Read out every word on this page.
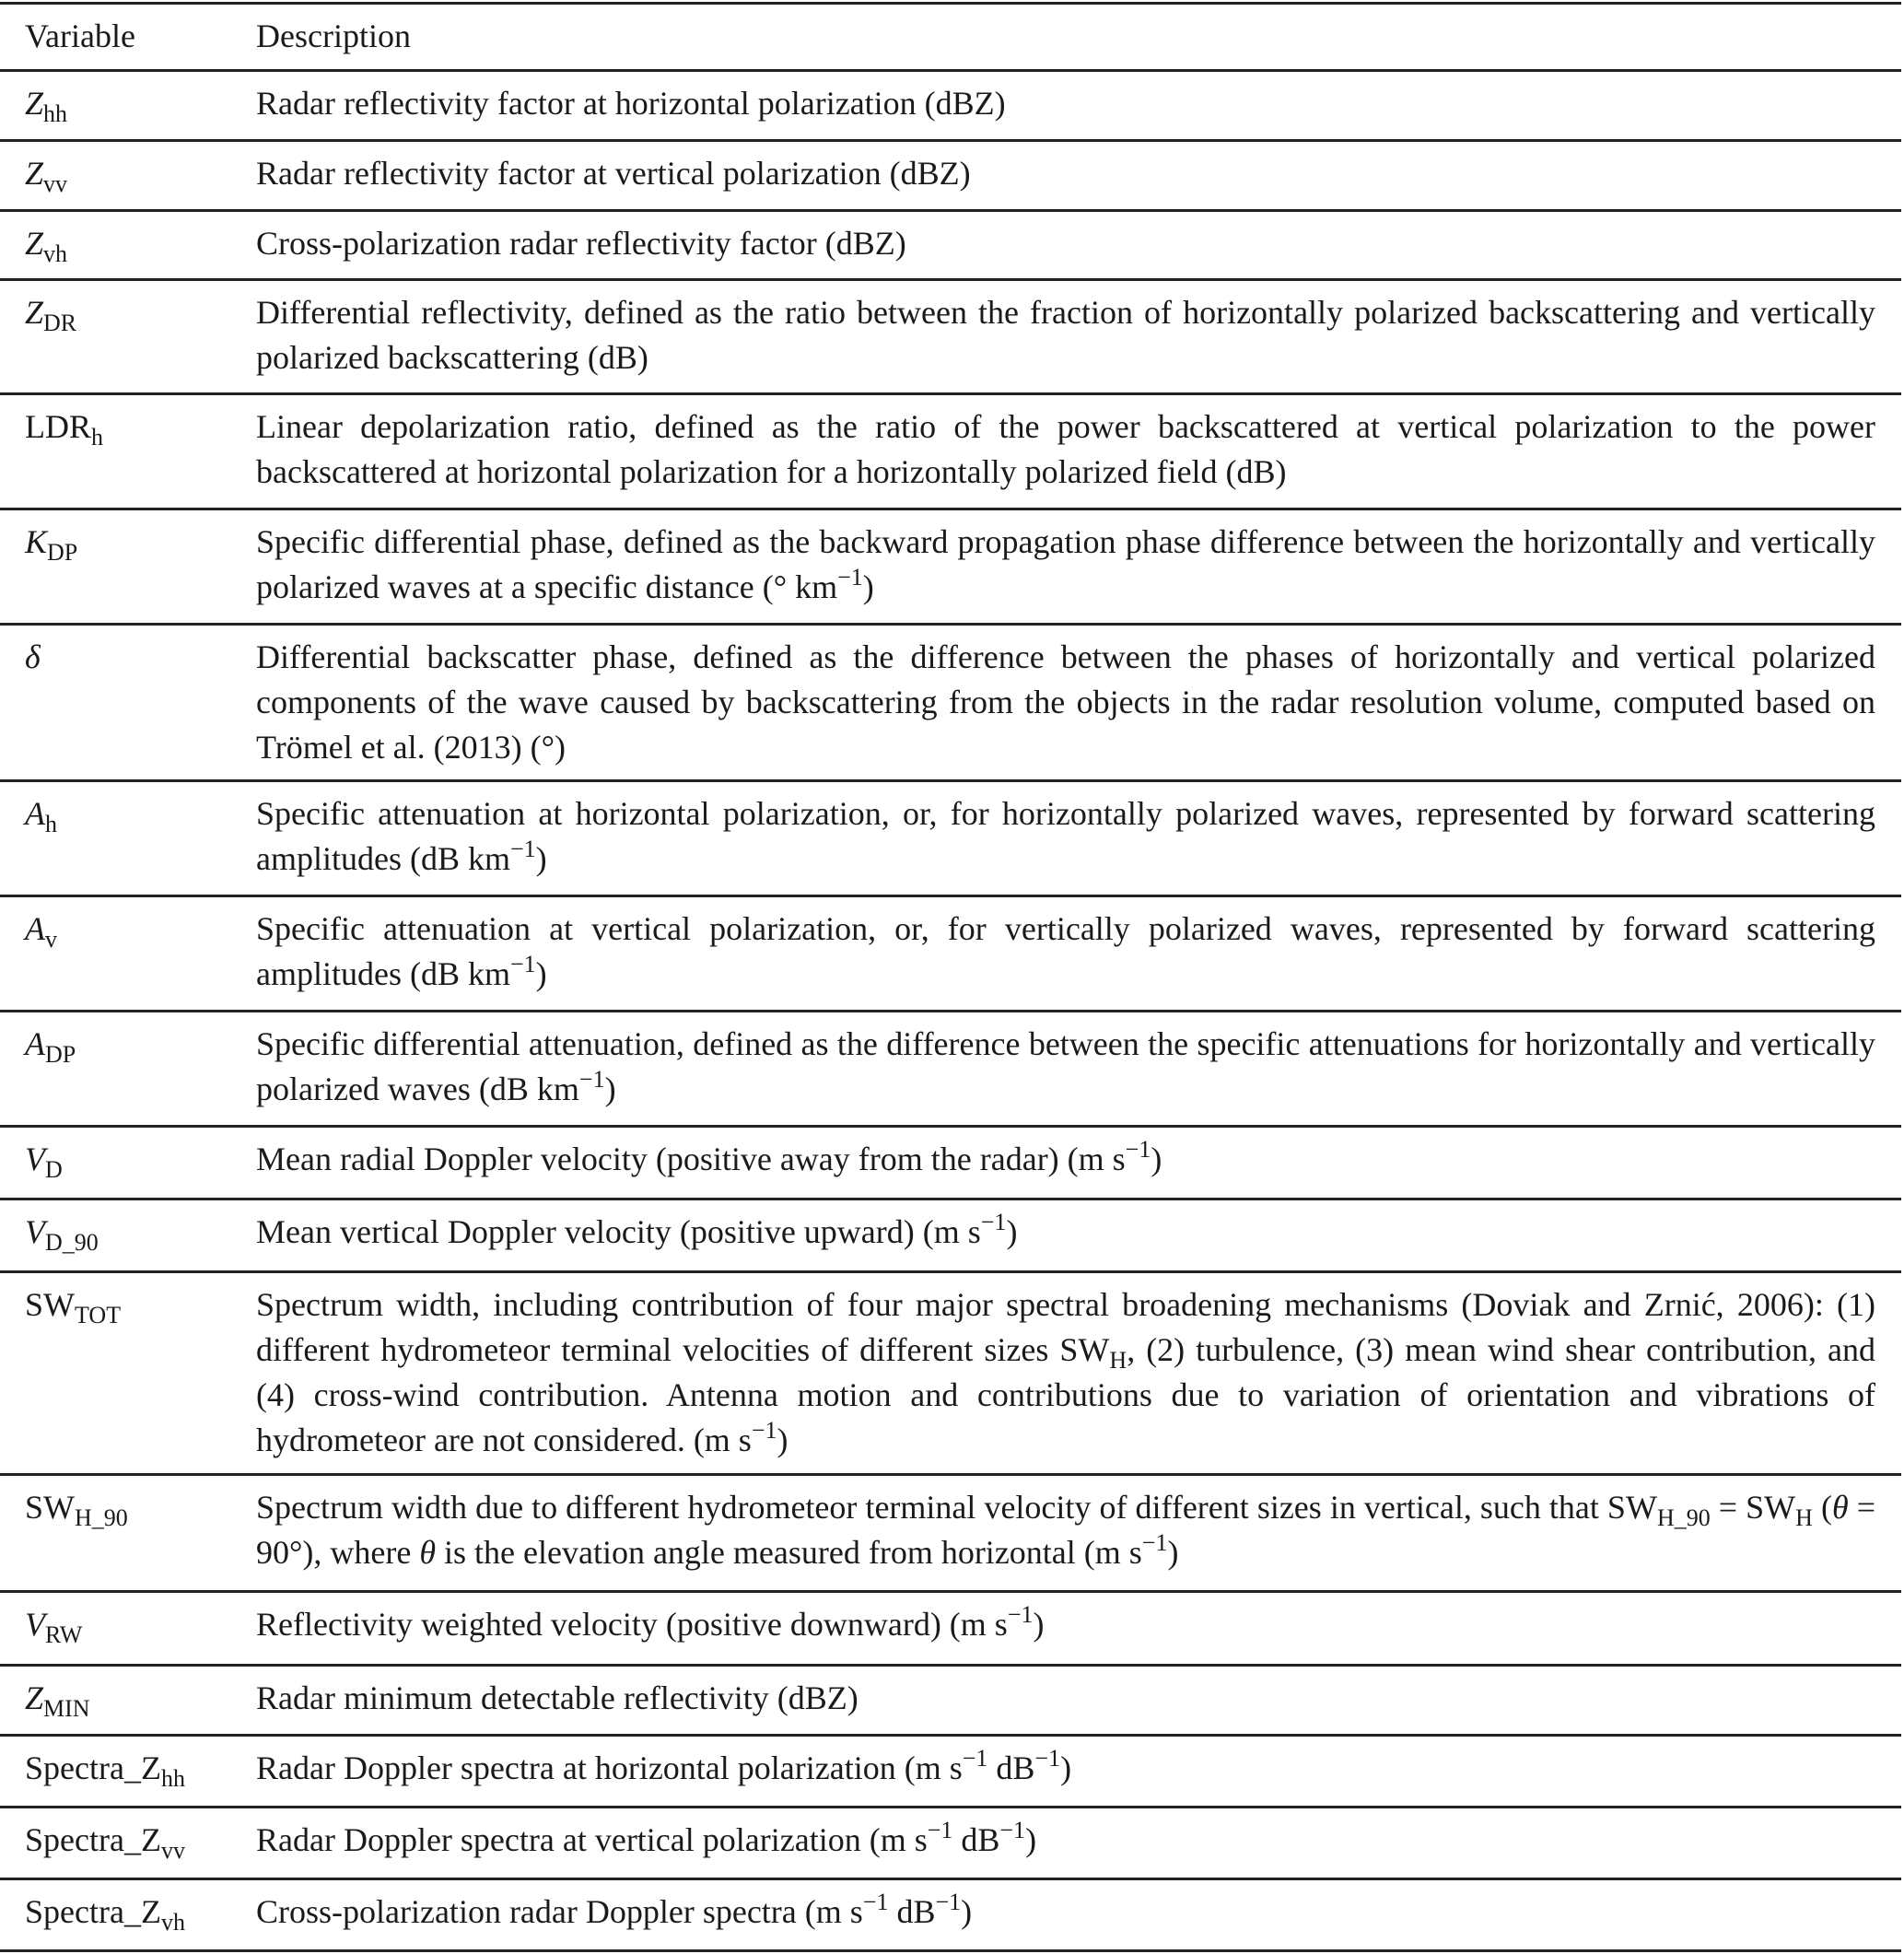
Variable	Description
$Z_{hh}$	Radar reflectivity factor at horizontal polarization (dBZ)
$Z_{vv}$	Radar reflectivity factor at vertical polarization (dBZ)
$Z_{vh}$	Cross-polarization radar reflectivity factor (dBZ)
$Z_{DR}$	Differential reflectivity, defined as the ratio between the fraction of horizontally polarized backscattering and vertically polarized backscattering (dB)
$LDR_h$	Linear depolarization ratio, defined as the ratio of the power backscattered at vertical polarization to the power backscattered at horizontal polarization for a horizontally polarized field (dB)
$K_{DP}$	Specific differential phase, defined as the backward propagation phase difference between the horizontally and vertically polarized waves at a specific distance (° $km^{-1}$)
δ	Differential backscatter phase, defined as the difference between the phases of horizontally and vertical polarized components of the wave caused by backscattering from the objects in the radar resolution volume, computed based on Trömel et al. (2013) (°)
$A_h$	Specific attenuation at horizontal polarization, or, for horizontally polarized waves, represented by forward scattering amplitudes (dB $km^{-1}$)
$A_v$	Specific attenuation at vertical polarization, or, for vertically polarized waves, represented by forward scattering amplitudes (dB $km^{-1}$)
$A_{DP}$	Specific differential attenuation, defined as the difference between the specific attenuations for horizontally and vertically polarized waves (dB $km^{-1}$)
$V_D$	Mean radial Doppler velocity (positive away from the radar) (m $s^{-1}$)
$V_{D\_90}$	Mean vertical Doppler velocity (positive upward) (m $s^{-1}$)
$SW_{TOT}$	Spectrum width, including contribution of four major spectral broadening mechanisms (Doviak and Zrnić, 2006): (1) different hydrometeor terminal velocities of different sizes $SW_H$, (2) turbulence, (3) mean wind shear contribution, and (4) cross-wind contribution. Antenna motion and contributions due to variation of orientation and vibrations of hydrometeor are not considered. (m $s^{-1}$)
$SW_{H\_90}$	Spectrum width due to different hydrometeor terminal velocity of different sizes in vertical, such that $SW_{H\_90} = SW_H$ (θ = 90°), where θ is the elevation angle measured from horizontal (m $s^{-1}$)
$V_{RW}$	Reflectivity weighted velocity (positive downward) (m $s^{-1}$)
$Z_{MIN}$	Radar minimum detectable reflectivity (dBZ)
$Spectra\_Z_{hh}$	Radar Doppler spectra at horizontal polarization (m $s^{-1}$ $dB^{-1}$)
$Spectra\_Z_{vv}$	Radar Doppler spectra at vertical polarization (m $s^{-1}$ $dB^{-1}$)
$Spectra\_Z_{vh}$	Cross-polarization radar Doppler spectra (m $s^{-1}$ $dB^{-1}$)
